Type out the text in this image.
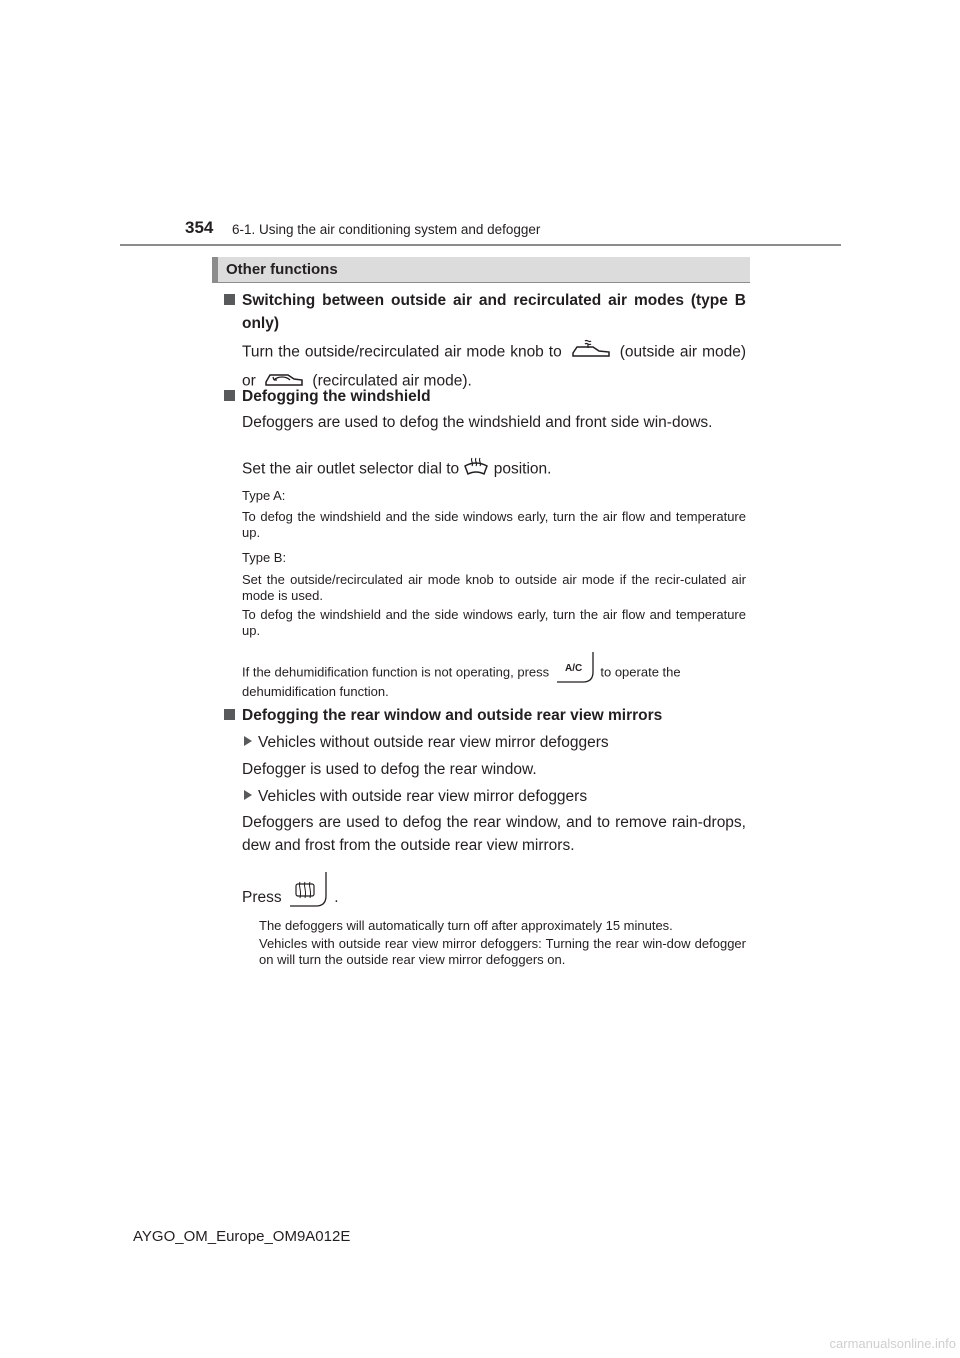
354 6-1. Using the air conditioning system and defogger
Other functions
Switching between outside air and recirculated air modes (type B only)
Turn the outside/recirculated air mode knob to	(outside air mode) or	(recirculated air mode).
Defogging the windshield
Defoggers are used to defog the windshield and front side win-dows.
Set the air outlet selector dial to position.
Type A:
To defog the windshield and the side windows early, turn the air flow and temperature up.
Type B:
Set the outside/recirculated air mode knob to outside air mode if the recir-culated air mode is used.
To defog the windshield and the side windows early, turn the air flow and temperature up.
If the dehumidification function is not operating, press A/C to operate the
dehumidification function.
Defogging the rear window and outside rear view mirrors
Vehicles without outside rear view mirror defoggers
Defogger is used to defog the rear window.
Vehicles with outside rear view mirror defoggers
Defoggers are used to defog the rear window, and to remove rain-drops, dew and frost from the outside rear view mirrors.
Press	.
The defoggers will automatically turn off after approximately 15 minutes.
Vehicles with outside rear view mirror defoggers: Turning the rear win-dow defogger on will turn the outside rear view mirror defoggers on.
AYGO_OM_Europe_OM9A012E
carmanualsonline.info
